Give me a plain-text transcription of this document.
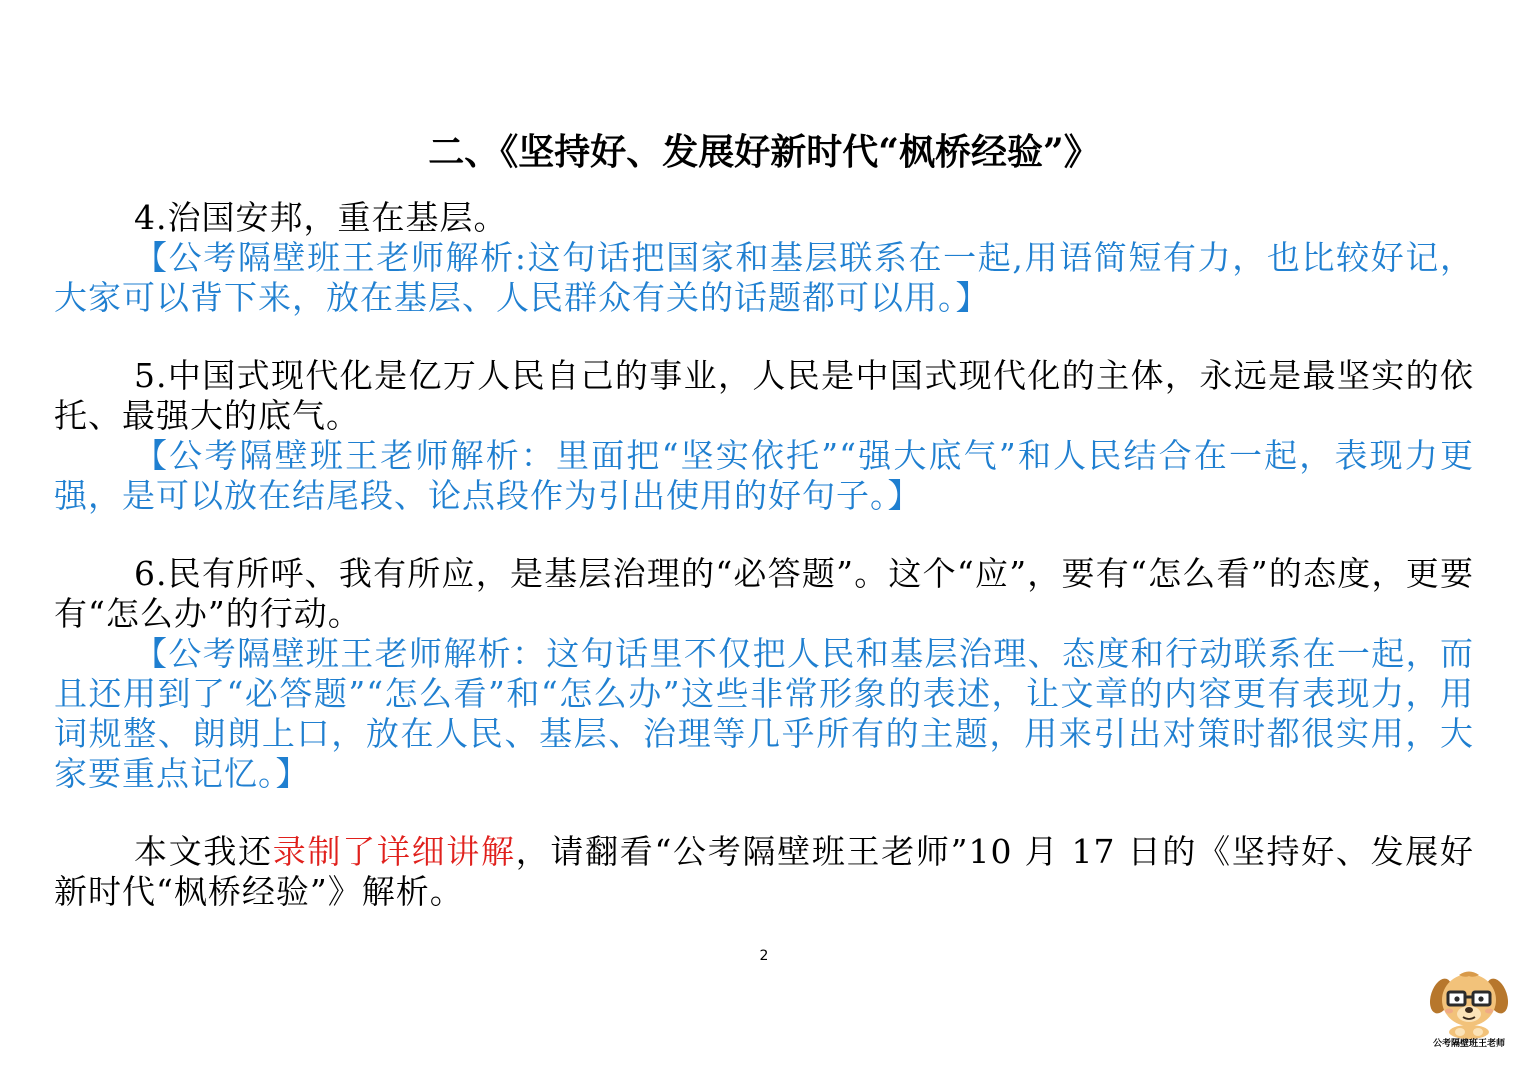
二、《坚持好、发展好新时代“枫桥经验”》

4.治国安邦，重在基层。

【公考隔壁班王老师解析:这句话把国家和基层联系在一起,用语简短有力，也比较好记，大家可以背下来，放在基层、人民群众有关的话题都可以用。】

5.中国式现代化是亿万人民自己的事业，人民是中国式现代化的主体，永远是最坚实的依托、最强大的底气。

【公考隔壁班王老师解析：里面把“坚实依托”“强大底气”和人民结合在一起，表现力更强，是可以放在结尾段、论点段作为引出使用的好句子。】

6.民有所呼、我有所应，是基层治理的“必答题”。这个“应”，要有“怎么看”的态度，更要有“怎么办”的行动。

【公考隔壁班王老师解析：这句话里不仅把人民和基层治理、态度和行动联系在一起，而且还用到了“必答题”“怎么看”和“怎么办”这些非常形象的表述，让文章的内容更有表现力，用词规整、朗朗上口，放在人民、基层、治理等几乎所有的主题，用来引出对策时都很实用，大家要重点记忆。】

本文我还录制了详细讲解，请翻看“公考隔壁班王老师”10 月 17 日的《坚持好、发展好新时代“枫桥经验”》解析。

2
公考隔壁班王老师
